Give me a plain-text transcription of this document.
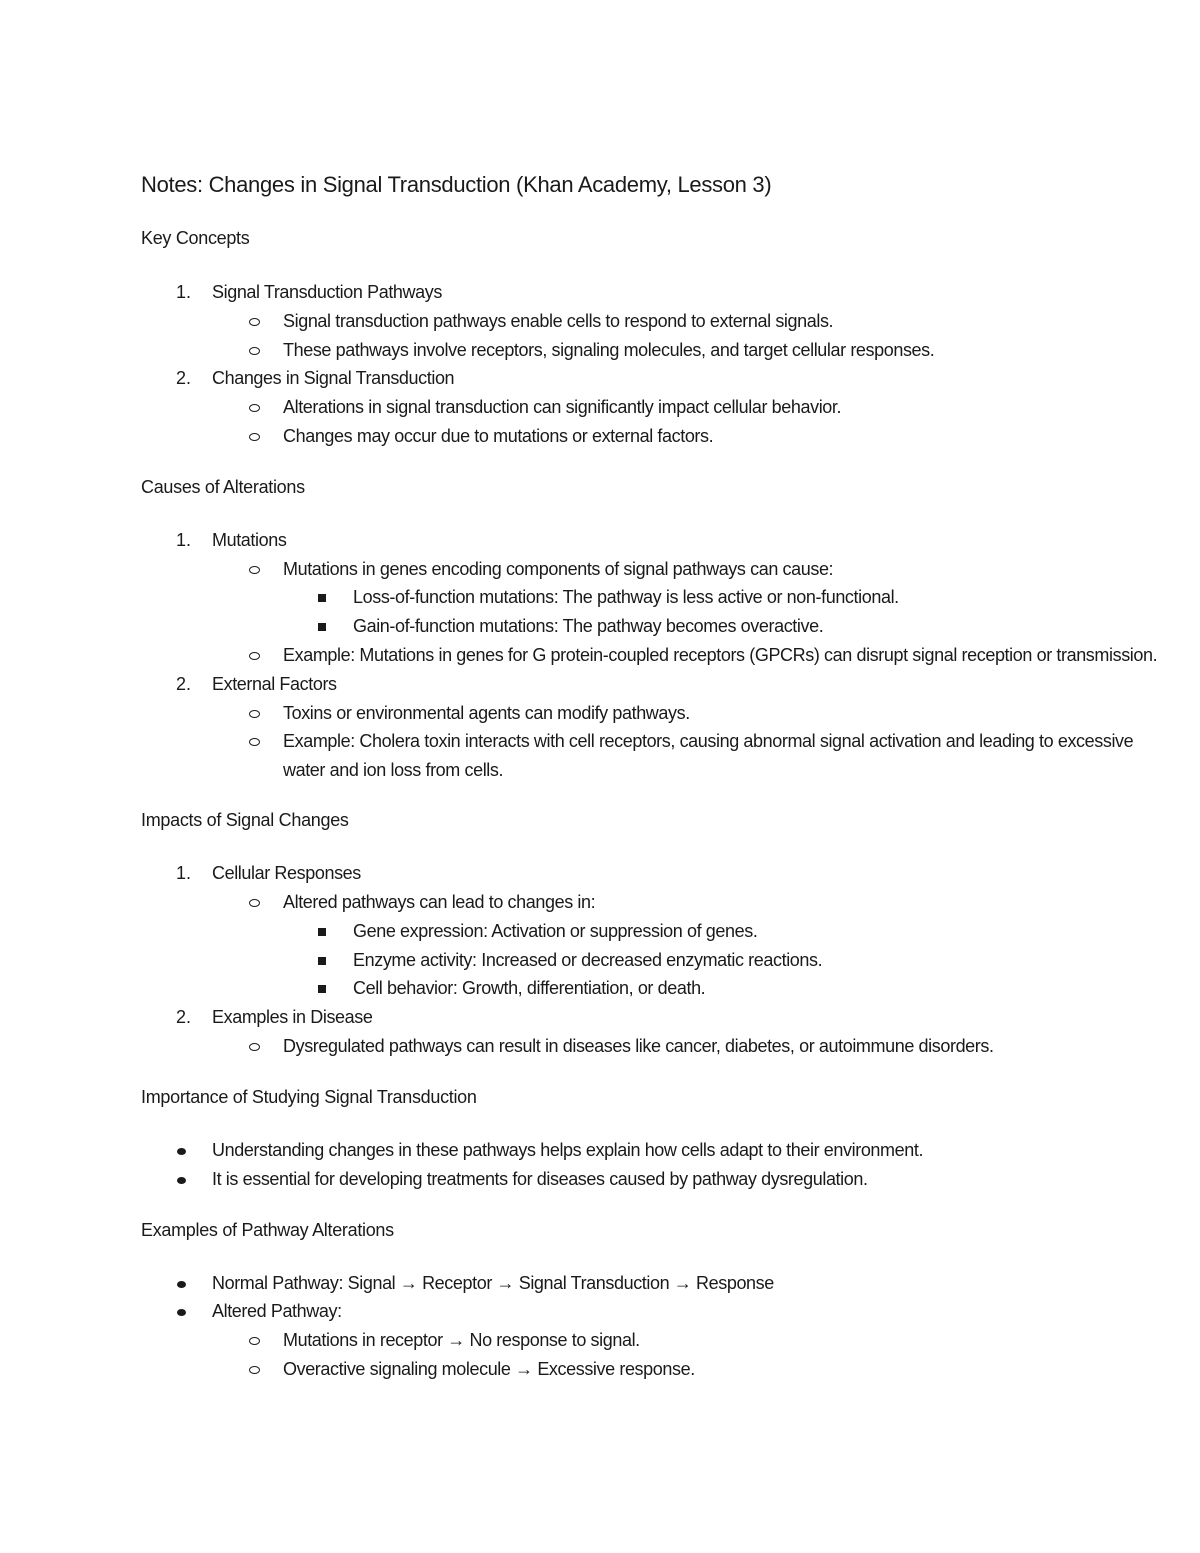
Notes: Changes in Signal Transduction (Khan Academy, Lesson 3)
Key Concepts
1. Signal Transduction Pathways
Signal transduction pathways enable cells to respond to external signals.
These pathways involve receptors, signaling molecules, and target cellular responses.
2. Changes in Signal Transduction
Alterations in signal transduction can significantly impact cellular behavior.
Changes may occur due to mutations or external factors.
Causes of Alterations
1. Mutations
Mutations in genes encoding components of signal pathways can cause:
Loss-of-function mutations: The pathway is less active or non-functional.
Gain-of-function mutations: The pathway becomes overactive.
Example: Mutations in genes for G protein-coupled receptors (GPCRs) can disrupt signal reception or transmission.
2. External Factors
Toxins or environmental agents can modify pathways.
Example: Cholera toxin interacts with cell receptors, causing abnormal signal activation and leading to excessive
water and ion loss from cells.
Impacts of Signal Changes
1. Cellular Responses
Altered pathways can lead to changes in:
Gene expression: Activation or suppression of genes.
Enzyme activity: Increased or decreased enzymatic reactions.
Cell behavior: Growth, differentiation, or death.
2. Examples in Disease
Dysregulated pathways can result in diseases like cancer, diabetes, or autoimmune disorders.
Importance of Studying Signal Transduction
Understanding changes in these pathways helps explain how cells adapt to their environment.
It is essential for developing treatments for diseases caused by pathway dysregulation.
Examples of Pathway Alterations
Normal Pathway: Signal → Receptor → Signal Transduction → Response
Altered Pathway:
Mutations in receptor → No response to signal.
Overactive signaling molecule → Excessive response.
